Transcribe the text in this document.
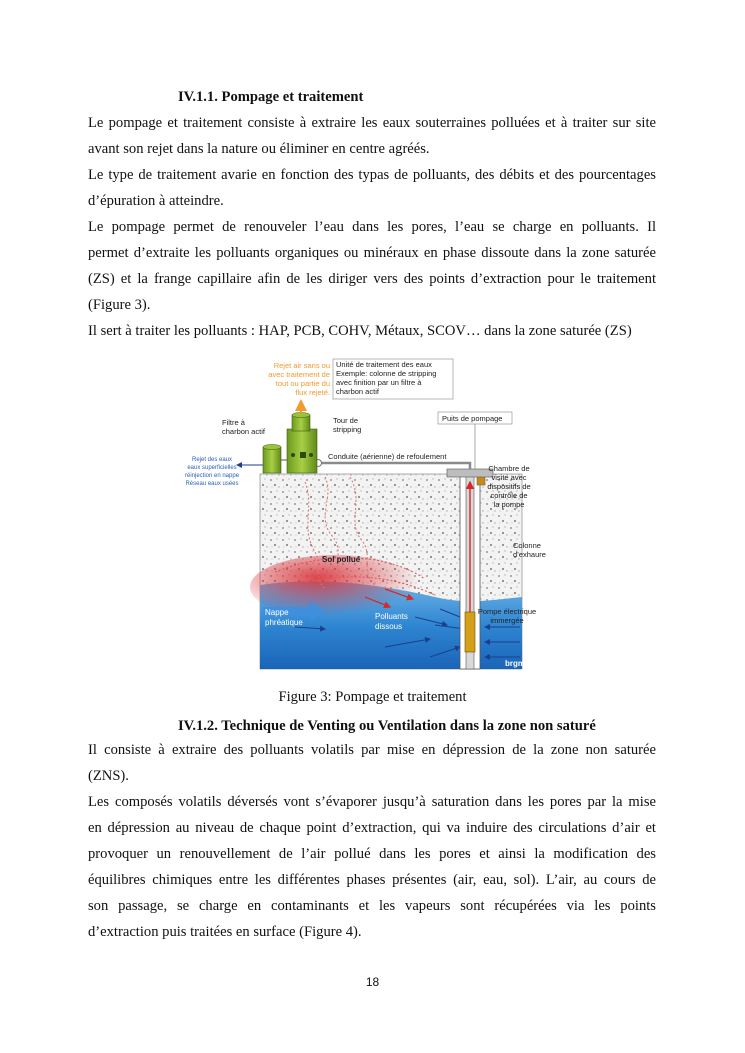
IV.1.1. Pompage et traitement
Le pompage et traitement consiste à extraire les eaux souterraines polluées et à traiter sur site
avant son rejet dans la nature ou éliminer en centre agréés.
Le type de traitement avarie en fonction des typas de polluants, des débits et des pourcentages
d’épuration à atteindre.
Le pompage permet de renouveler l’eau dans les pores, l’eau se charge en polluants. Il
permet d’extraite les polluants organiques ou minéraux en phase dissoute dans la zone saturée
(ZS) et la frange capillaire afin de les diriger vers des points d’extraction pour le traitement
(Figure 3).
Il sert à traiter les polluants : HAP, PCB, COHV, Métaux, SCOV… dans la zone saturée (ZS)
Rejet air sans ou
avec traitement de
tout ou partie du
flux rejeté.
Unité de traitement des eaux
Exemple: colonne de stripping
avec finition par un filtre à
charbon actif
Filtre à
charbon actif
Tour de
stripping
Puits de pompage
Rejet des eaux
eaux superficielles
réinjection en nappe
Réseau eaux usées
Conduite (aérienne) de refoulement
Chambre de
visite avec
dispositifs de
contrôle de
la pompe
Sol pollué
Colonne
d’exhaure
Nappe
phréatique
Polluants
dissous
Pompe électrique
immergée
brgm
Figure 3: Pompage et traitement
IV.1.2. Technique de Venting ou Ventilation dans la zone non saturé
Il consiste à extraire des polluants volatils par mise en dépression de la zone non saturée
(ZNS).
Les composés volatils déversés vont s’évaporer jusqu’à saturation dans les pores par la mise
en dépression au niveau de chaque point d’extraction, qui va induire des circulations d’air et
provoquer un renouvellement de l’air pollué dans les pores et ainsi la modification des
équilibres chimiques entre les différentes phases présentes (air, eau, sol). L’air, au cours de
son passage, se charge en contaminants et les vapeurs sont récupérées via les points
d’extraction puis traitées en surface (Figure 4).
18
